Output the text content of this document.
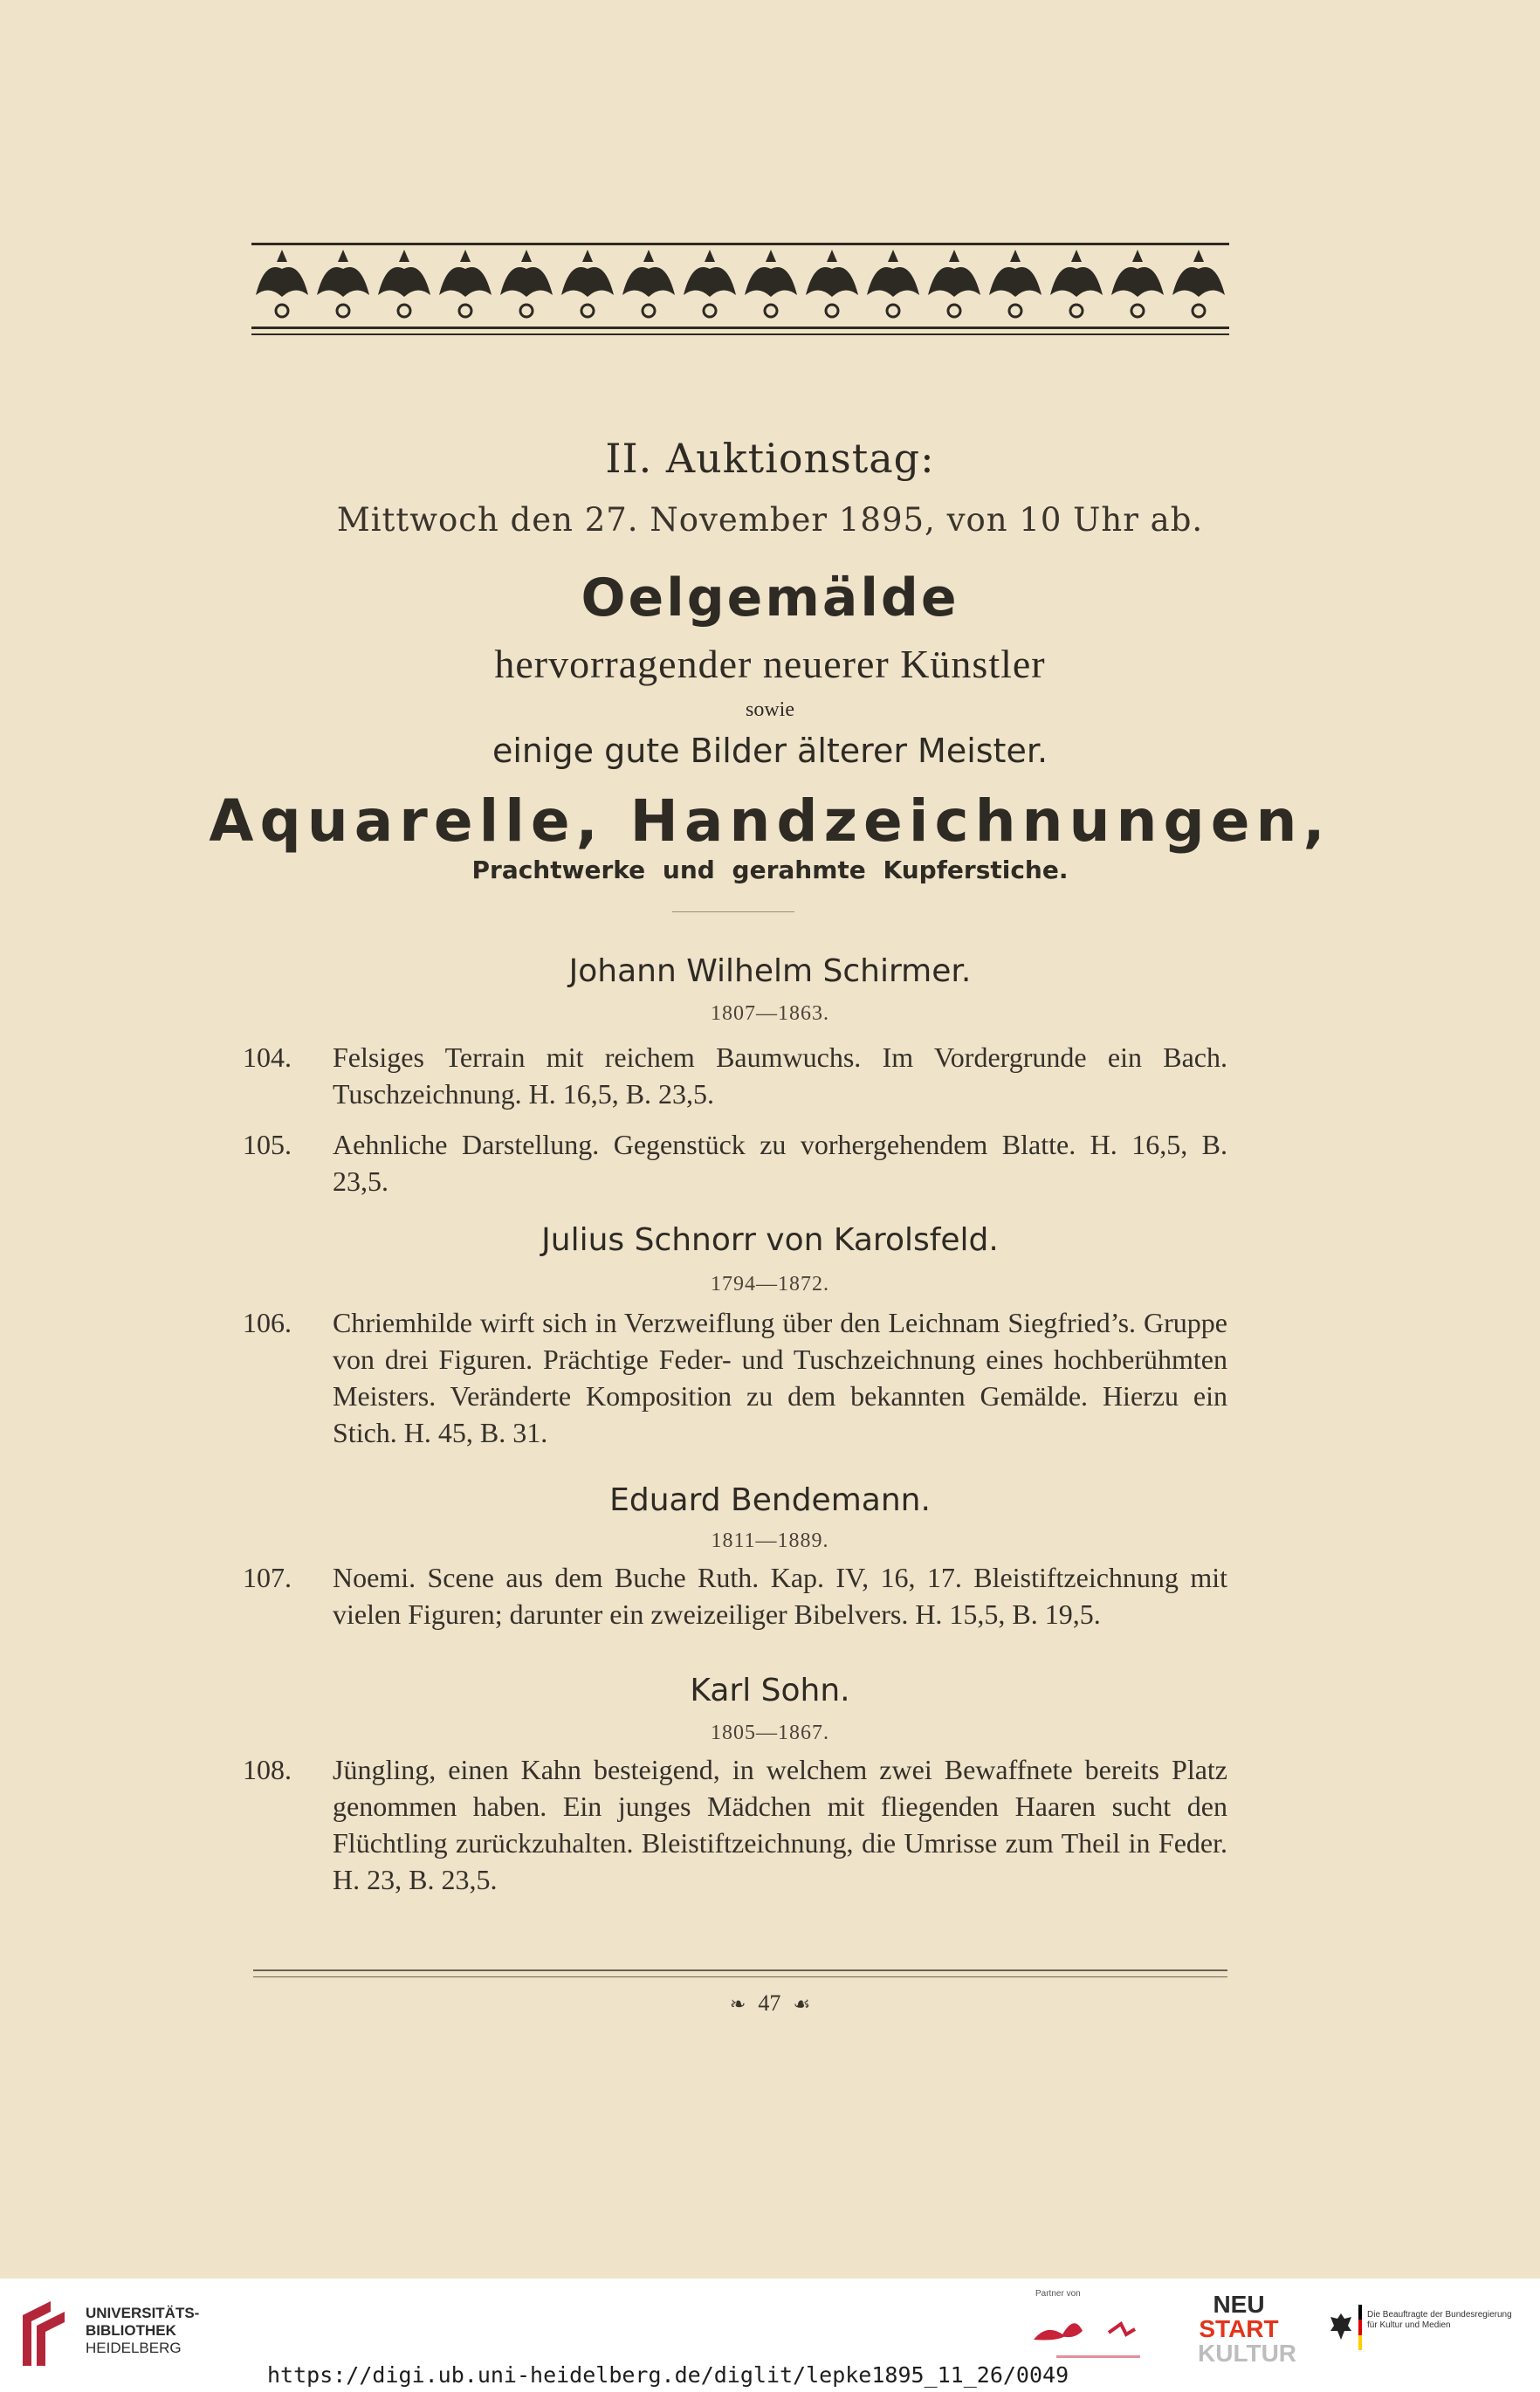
II. Auktionstag:
Mittwoch den 27. November 1895, von 10 Uhr ab.
Oelgemälde
hervorragender neuerer Künstler
sowie
einige gute Bilder älterer Meister.
Aquarelle, Handzeichnungen,
Prachtwerke und gerahmte Kupferstiche.
Johann Wilhelm Schirmer.
1807—1863.
104. Felsiges Terrain mit reichem Baumwuchs. Im Vordergrunde ein Bach. Tuschzeichnung. H. 16,5, B. 23,5.
105. Aehnliche Darstellung. Gegenstück zu vorhergehendem Blatte. H. 16,5, B. 23,5.
Julius Schnorr von Karolsfeld.
1794—1872.
106. Chriemhilde wirft sich in Verzweiflung über den Leichnam Siegfried’s. Gruppe von drei Figuren. Prächtige Feder- und Tuschzeichnung eines hochberühmten Meisters. Veränderte Komposition zu dem bekannten Gemälde. Hierzu ein Stich. H. 45, B. 31.
Eduard Bendemann.
1811—1889.
107. Noemi. Scene aus dem Buche Ruth. Kap. IV, 16, 17. Bleistiftzeichnung mit vielen Figuren; darunter ein zweizeiliger Bibelvers. H. 15,5, B. 19,5.
Karl Sohn.
1805—1867.
108. Jüngling, einen Kahn besteigend, in welchem zwei Bewaffnete bereits Platz genommen haben. Ein junges Mädchen mit fliegenden Haaren sucht den Flüchtling zurückzuhalten. Bleistiftzeichnung, die Umrisse zum Theil in Feder. H. 23, B. 23,5.
❧ 47 ☙
UNIVERSITÄTS-
BIBLIOTHEK
HEIDELBERG
https://digi.ub.uni-heidelberg.de/diglit/lepke1895_11_26/0049
Partner von	NEU
START
KULTUR
Die Beauftragte der Bundesregierung
für Kultur und Medien
